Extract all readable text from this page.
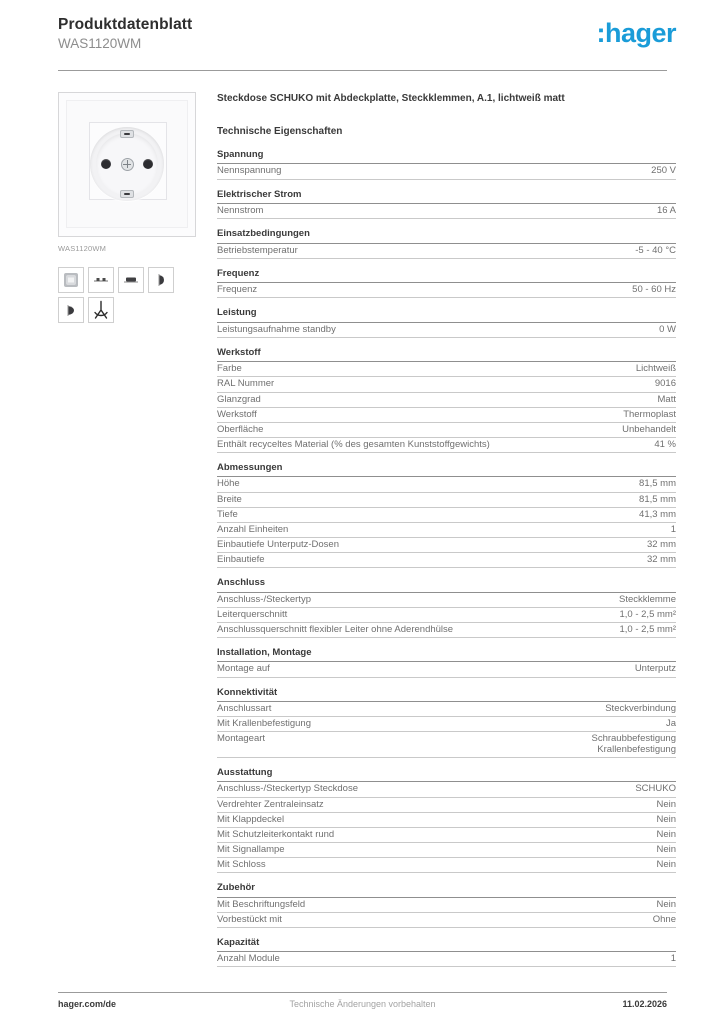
Produktdatenblatt
WAS1120WM	:hager
WAS1120WM
Steckdose SCHUKO mit Abdeckplatte, Steckklemmen, A.1, lichtweiß matt
Technische Eigenschaften
Spannung
Nennspannung	250 V
Elektrischer Strom
Nennstrom	16 A
Einsatzbedingungen
Betriebstemperatur	-5 - 40 °C
Frequenz
Frequenz	50 - 60 Hz
Leistung
Leistungsaufnahme standby	0 W
Werkstoff
Farbe	Lichtweiß
RAL Nummer	9016
Glanzgrad	Matt
Werkstoff	Thermoplast
Oberfläche	Unbehandelt
Enthält recyceltes Material (% des gesamten Kunststoffgewichts)	41 %
Abmessungen
Höhe	81,5 mm
Breite	81,5 mm
Tiefe	41,3 mm
Anzahl Einheiten	1
Einbautiefe Unterputz-Dosen	32 mm
Einbautiefe	32 mm
Anschluss
Anschluss-/Steckertyp	Steckklemme
Leiterquerschnitt	1,0 - 2,5 mm²
Anschlussquerschnitt flexibler Leiter ohne Aderendhülse	1,0 - 2,5 mm²
Installation, Montage
Montage auf	Unterputz
Konnektivität
Anschlussart	Steckverbindung
Mit Krallenbefestigung	Ja
Montageart	Schraubbefestigung
Krallenbefestigung
Ausstattung
Anschluss-/Steckertyp Steckdose	SCHUKO
Verdrehter Zentraleinsatz	Nein
Mit Klappdeckel	Nein
Mit Schutzleiterkontakt rund	Nein
Mit Signallampe	Nein
Mit Schloss	Nein
Zubehör
Mit Beschriftungsfeld	Nein
Vorbestückt mit	Ohne
Kapazität
Anzahl Module	1
Technische Änderungen vorbehalten
hager.com/de	11.02.2026
